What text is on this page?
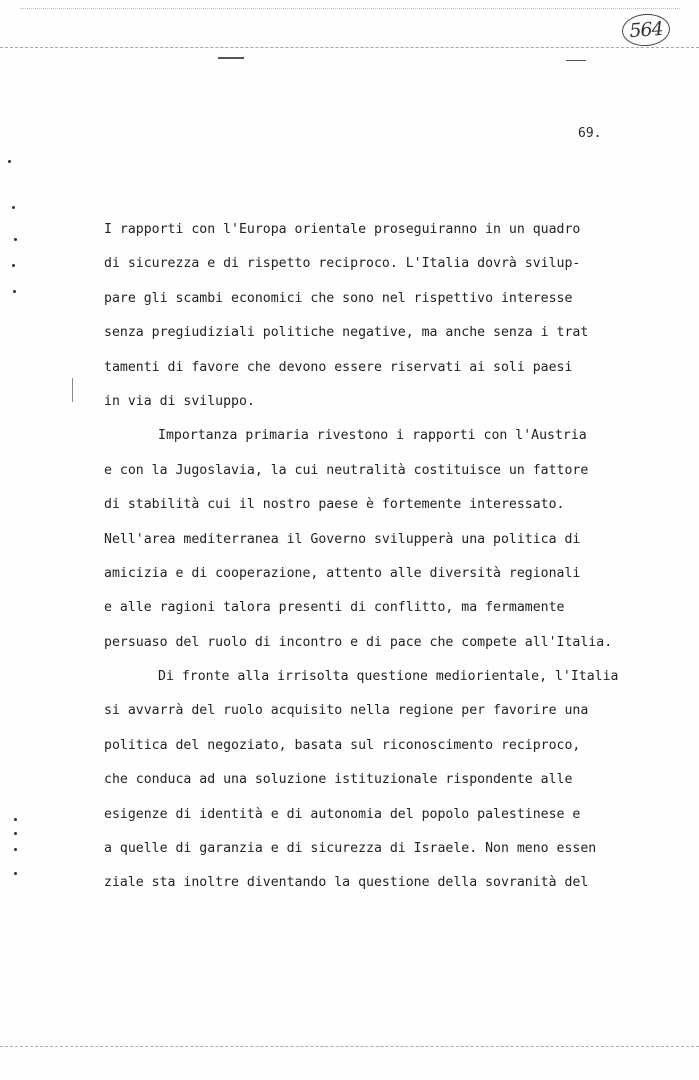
564
69.
I rapporti con l'Europa orientale proseguiranno in un quadro
di sicurezza e di rispetto reciproco. L'Italia dovrà svilup-
pare gli scambi economici che sono nel rispettivo interesse
senza pregiudiziali politiche negative, ma anche senza i trat
tamenti di favore che devono essere riservati ai soli paesi
in via di sviluppo.
Importanza primaria rivestono i rapporti con l'Austria
e con la Jugoslavia, la cui neutralità costituisce un fattore
di stabilità cui il nostro paese è fortemente interessato.
Nell'area mediterranea il Governo svilupperà una politica di
amicizia e di cooperazione, attento alle diversità regionali
e alle ragioni talora presenti di conflitto, ma fermamente
persuaso del ruolo di incontro e di pace che compete all'Italia.
Di fronte alla irrisolta questione mediorientale, l'Italia
si avvarrà del ruolo acquisito nella regione per favorire una
politica del negoziato, basata sul riconoscimento reciproco,
che conduca ad una soluzione istituzionale rispondente alle
esigenze di identità e di autonomia del popolo palestinese e
a quelle di garanzia e di sicurezza di Israele. Non meno essen
ziale sta inoltre diventando la questione della sovranità del
